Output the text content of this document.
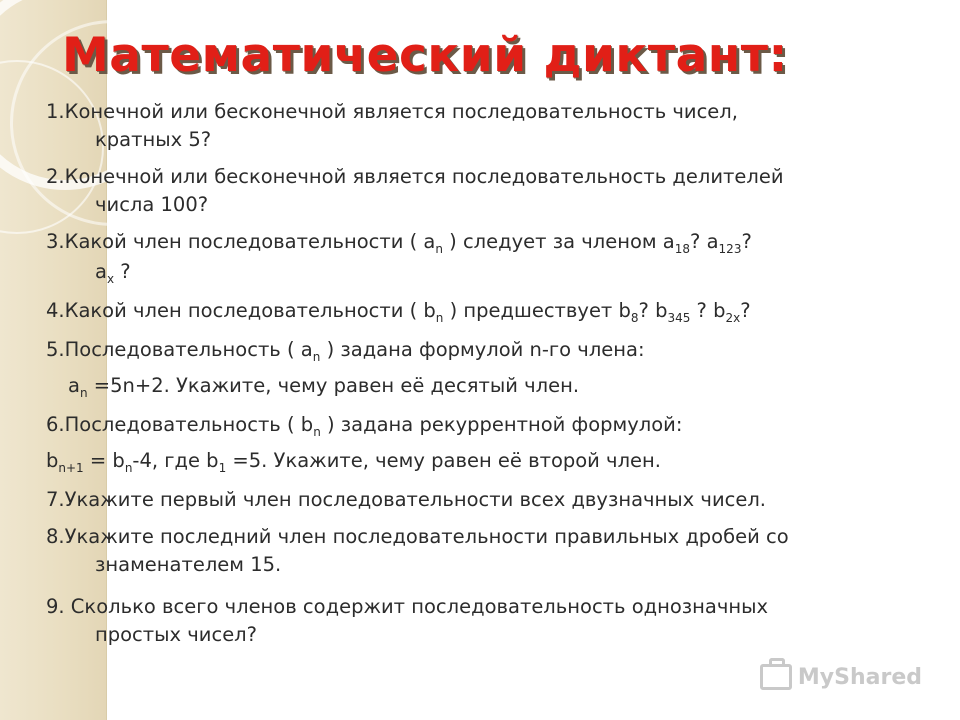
Математический диктант:
1.Конечной или бесконечной является последовательность чисел,
кратных 5?
2.Конечной или бесконечной является последовательность делителей
числа 100?
3.Какой член последовательности ( $а_n$ ) следует за членом $а_{18}$? $а_{123}$?
$а_x$ ?
4.Какой член последовательности ( $b_n$ ) предшествует $b_8$? $b_{345}$ ? $b_{2x}$?
5.Последовательность ( $а_n$ ) задана формулой n-го члена:
$а_n =5n+2$. Укажите, чему равен её десятый член.
6.Последовательность ( $b_n$ ) задана рекуррентной формулой:
$b_{n+1} = b_n-4$, где $b_1 =5$. Укажите, чему равен её второй член.
7.Укажите первый член последовательности всех двузначных чисел.
8.Укажите последний член последовательности правильных дробей со
знаменателем 15.
9. Сколько всего членов содержит последовательность однозначных
простых чисел?
MyShared
